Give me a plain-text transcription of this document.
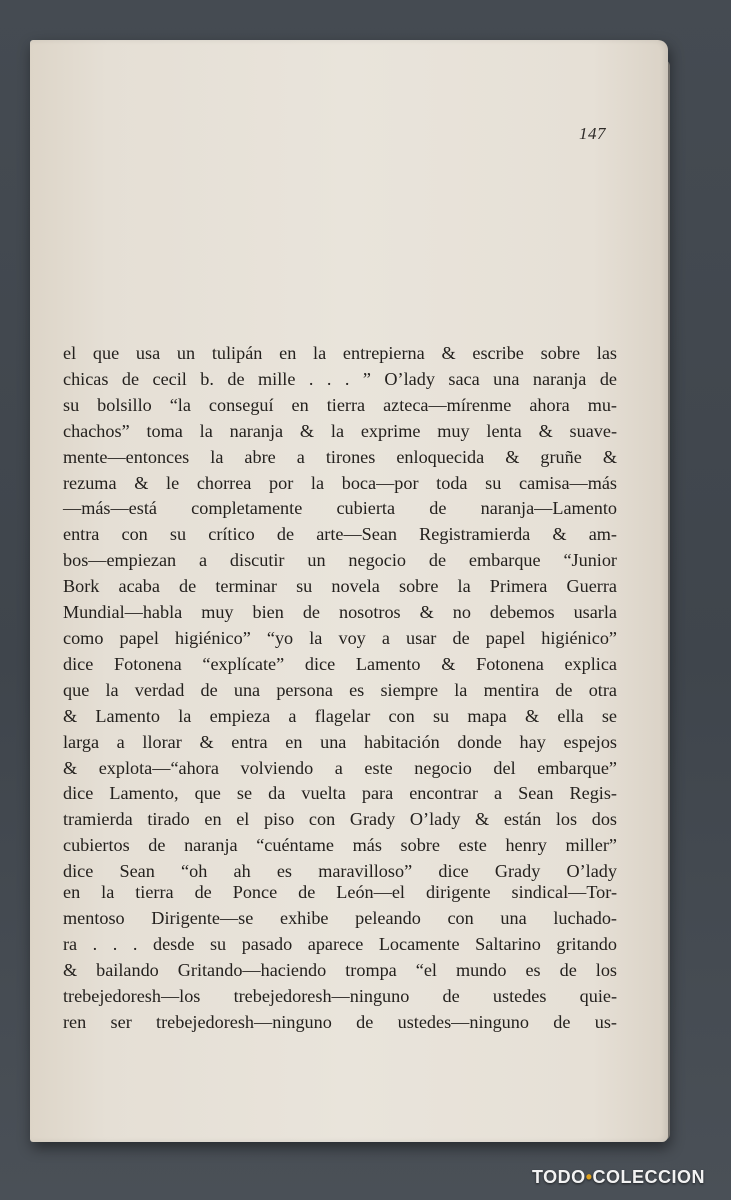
147
el que usa un tulipán en la entrepierna & escribe sobre las
chicas de cecil b. de mille . . . ” O’lady saca una naranja de
su bolsillo “la conseguí en tierra azteca—mírenme ahora mu-
chachos” toma la naranja & la exprime muy lenta & suave-
mente—entonces la abre a tirones enloquecida & gruñe &
rezuma & le chorrea por la boca—por toda su camisa—más
—más—está completamente cubierta de naranja—Lamento
entra con su crítico de arte—Sean Registramierda & am-
bos—empiezan a discutir un negocio de embarque “Junior
Bork acaba de terminar su novela sobre la Primera Guerra
Mundial—habla muy bien de nosotros & no debemos usarla
como papel higiénico” “yo la voy a usar de papel higiénico”
dice Fotonena “explícate” dice Lamento & Fotonena explica
que la verdad de una persona es siempre la mentira de otra
& Lamento la empieza a flagelar con su mapa & ella se
larga a llorar & entra en una habitación donde hay espejos
& explota—“ahora volviendo a este negocio del embarque”
dice Lamento, que se da vuelta para encontrar a Sean Regis-
tramierda tirado en el piso con Grady O’lady & están los dos
cubiertos de naranja “cuéntame más sobre este henry miller”
dice Sean “oh ah es maravilloso” dice Grady O’lady
en la tierra de Ponce de León—el dirigente sindical—Tor-
mentoso Dirigente—se exhibe peleando con una luchado-
ra . . . desde su pasado aparece Locamente Saltarino gritando
& bailando Gritando—haciendo trompa “el mundo es de los
trebejedoresh—los trebejedoresh—ninguno de ustedes quie-
ren ser trebejedoresh—ninguno de ustedes—ninguno de us-
TODO•COLECCION
